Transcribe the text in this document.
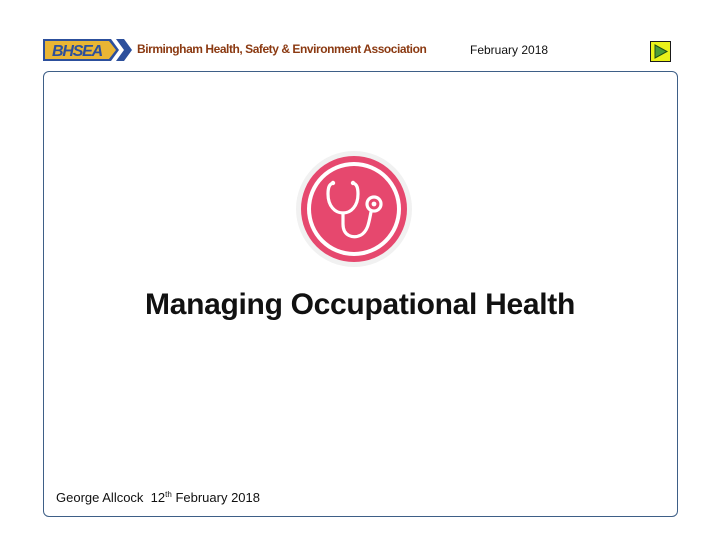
BHSEA	Birmingham Health, Safety & Environment Association	February 2018
Managing Occupational Health
George Allcock 12th February 2018
